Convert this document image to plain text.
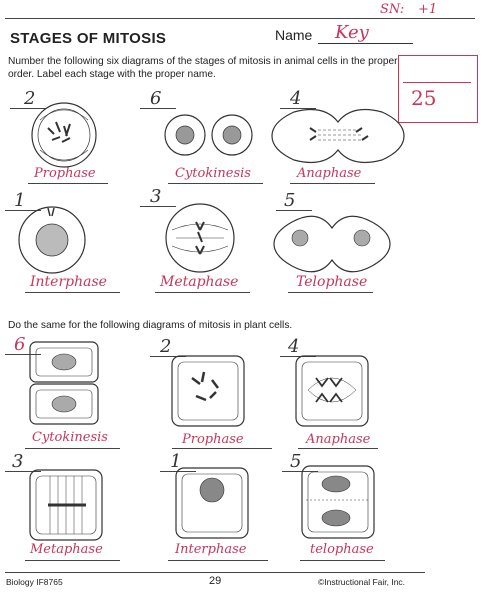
SN: +1
STAGES OF MITOSIS	Name Key
25
Number the following six diagrams of the stages of mitosis in animal cells in the proper
order. Label each stage with the proper name.
2	6	4
Prophase	Cytokinesis	Anaphase
1	3	5
Interphase	Metaphase	Telophase
Do the same for the following diagrams of mitosis in plant cells.
6	2	4
Cytokinesis	Prophase	Anaphase
3	1	5
Metaphase	Interphase	telophase
Biology IF8765	29	©Instructional Fair, Inc.
